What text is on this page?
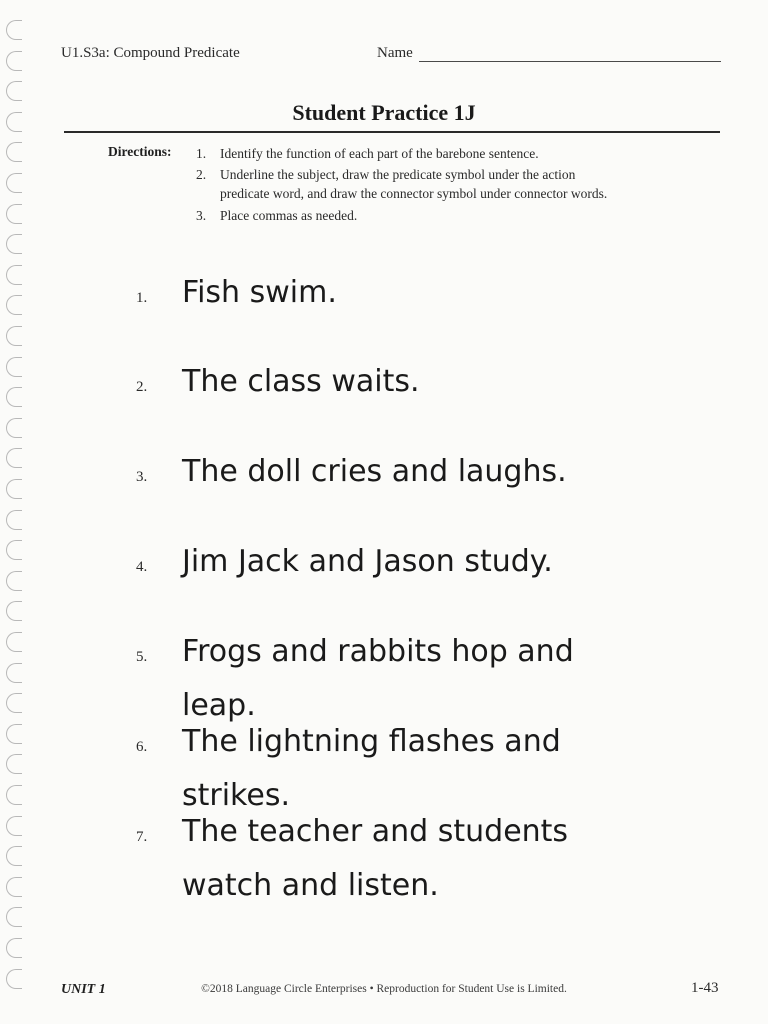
U1.S3a: Compound Predicate	Name
Student Practice 1J
Directions: 1.	Identify the function of each part of the barebone sentence.
2.	Underline the subject, draw the predicate symbol under the action
predicate word, and draw the connector symbol under connector words.
3.	Place commas as needed.
1.	Fish swim.
2.	The class waits.
3.	The doll cries and laughs.
4.	Jim Jack and Jason study.
5.	Frogs and rabbits hop and leap.
6.	The lightning flashes and strikes.
7.	The teacher and students watch and listen.
UNIT 1	©2018 Language Circle Enterprises • Reproduction for Student Use is Limited.	1-43
